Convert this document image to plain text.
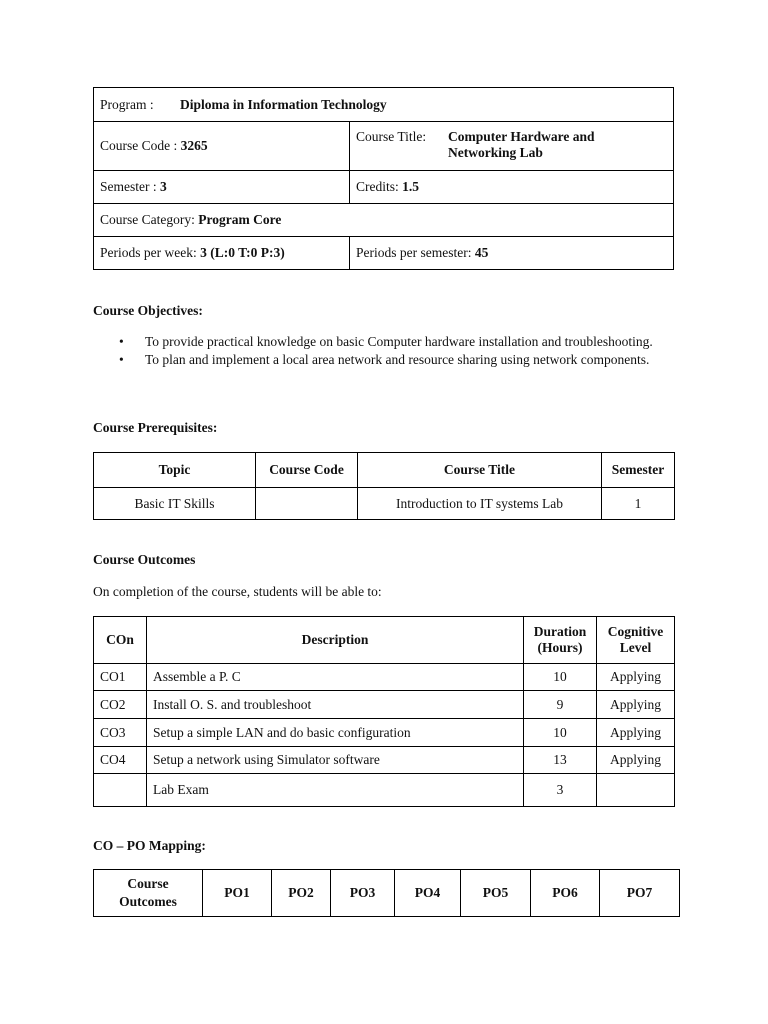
Program : Diploma in Information Technology	
Course Code : 3265	Course Title: Computer Hardware and
Networking Lab

Semester : 3	Credits: 1.5
Course Category: Program Core	
Periods per week: 3 (L:0 T:0 P:3)	Periods per semester: 45
Course Objectives:
• To provide practical knowledge on basic Computer hardware installation and troubleshooting.
• To plan and implement a local area network and resource sharing using network components.
Course Prerequisites:
Topic	Course Code	Course Title	Semester
Basic IT Skills		Introduction to IT systems Lab	1
Course Outcomes
On completion of the course, students will be able to:
COn	Description	Duration (Hours)	Cognitive Level
CO1	Assemble a P. C	10	Applying
CO2	Install O. S. and troubleshoot	9	Applying
CO3	Setup a simple LAN and do basic configuration	10	Applying
CO4	Setup a network using Simulator software	13	Applying
	Lab Exam	3	
CO – PO Mapping:
Course Outcomes	PO1	PO2	PO3	PO4	PO5	PO6	PO7
